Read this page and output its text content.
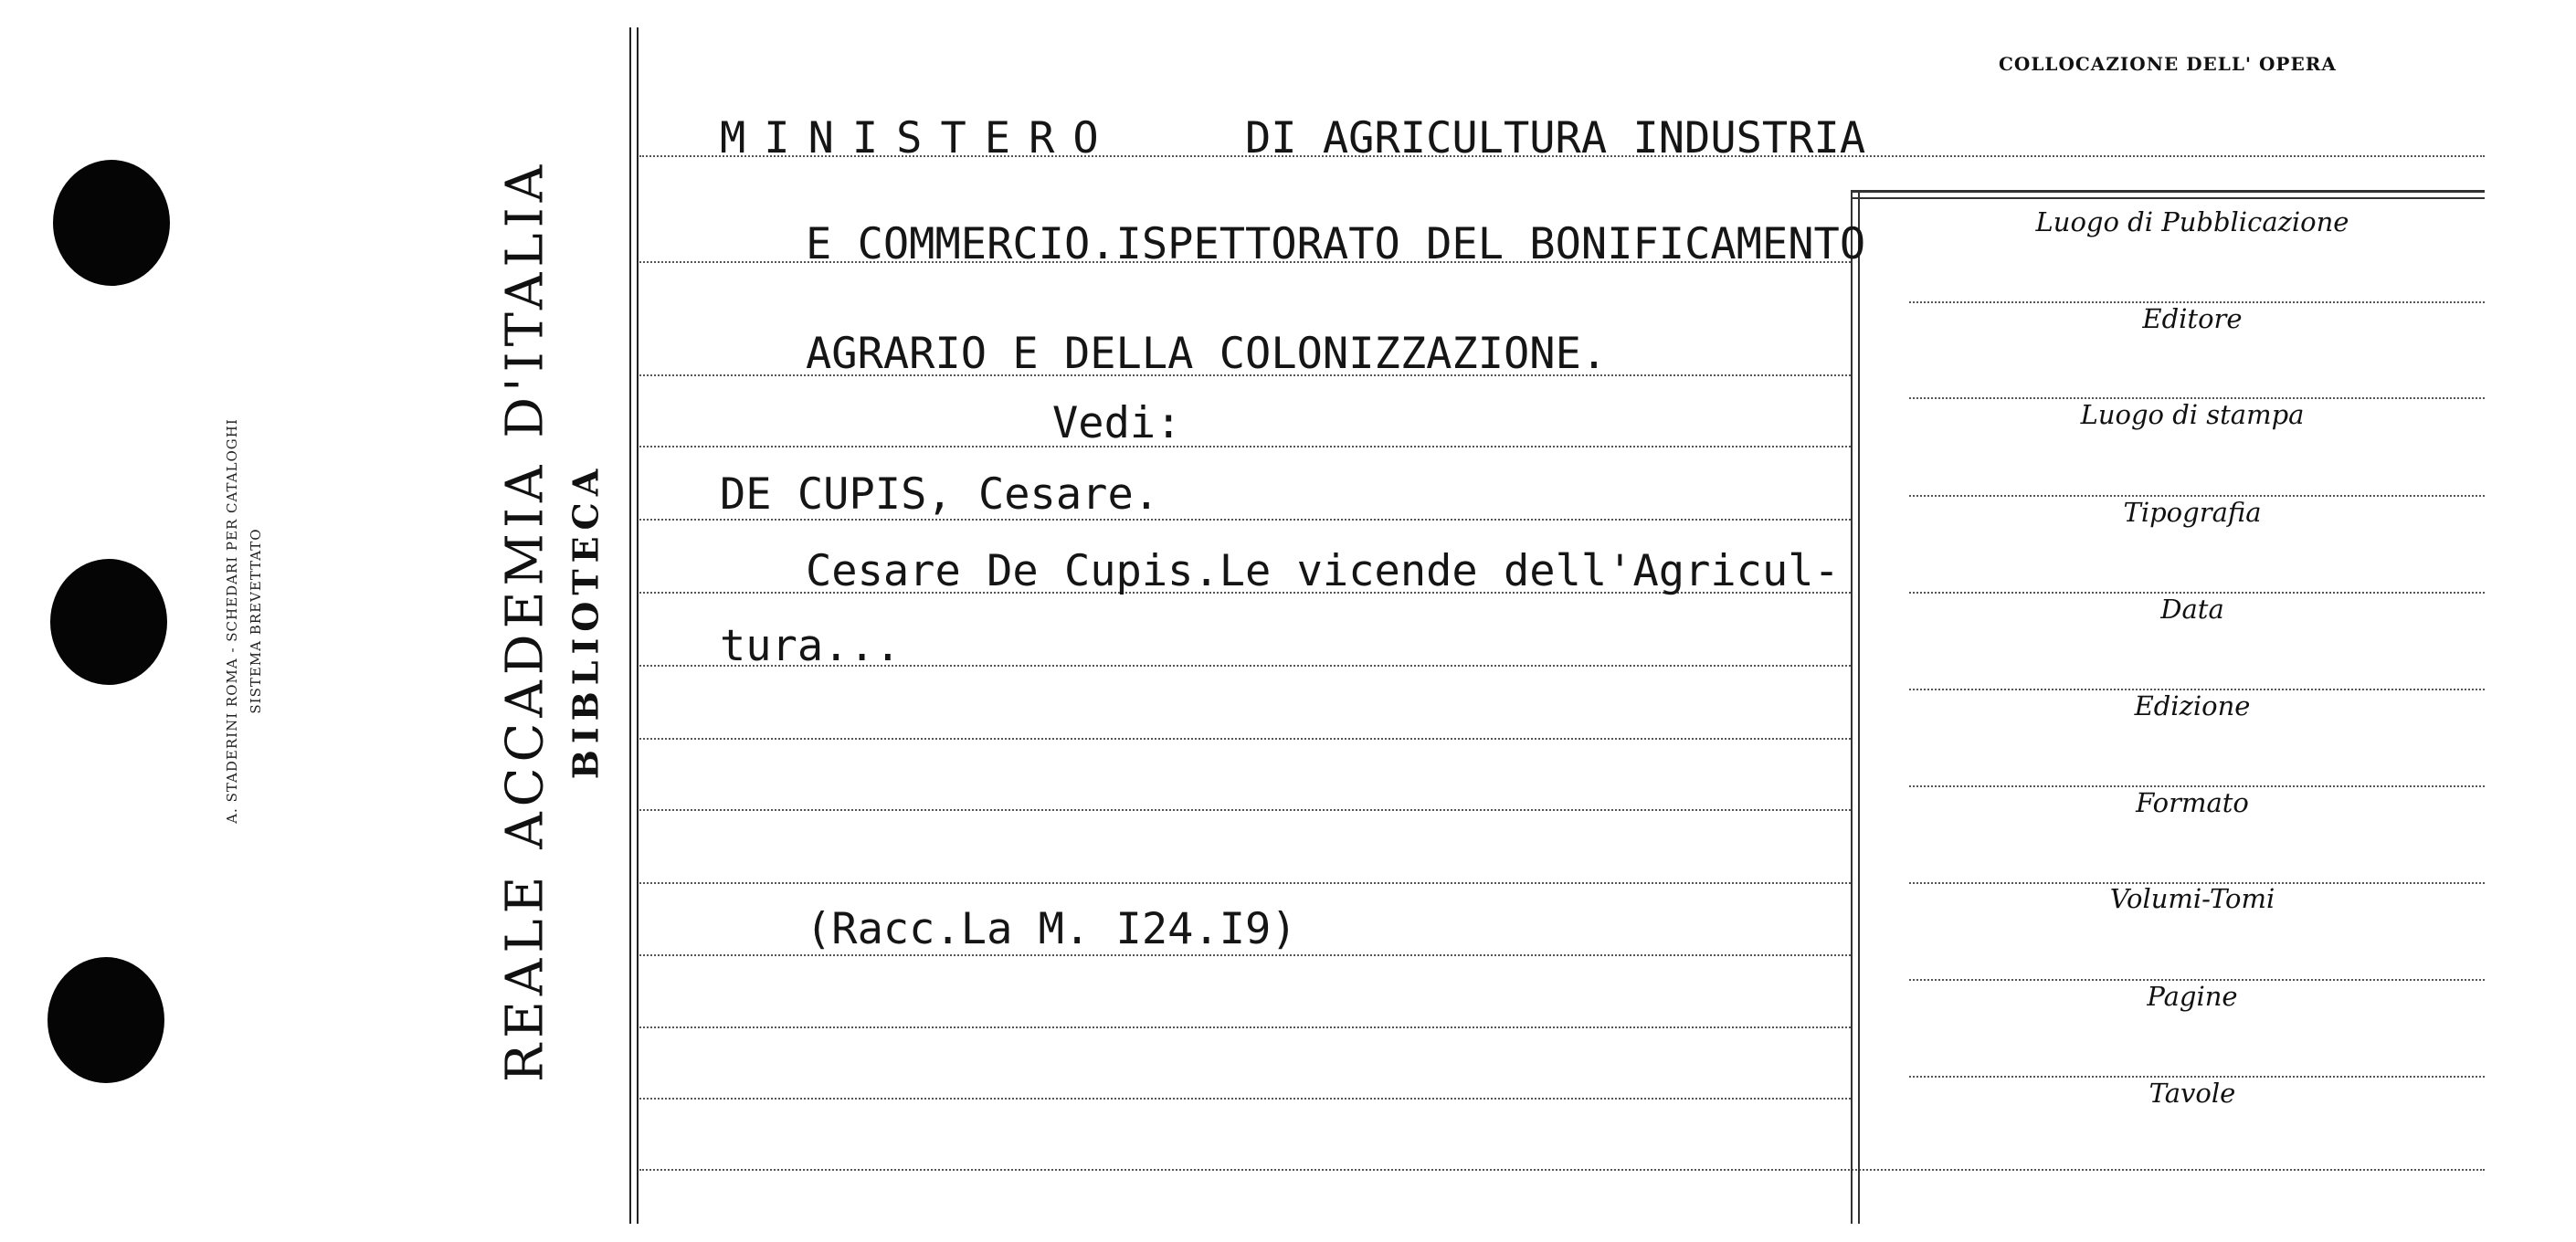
A. STADERINI ROMA - SCHEDARI PER CATALOGHI SISTEMA BREVETTATO	REALE ACCADEMIA D'ITALIA BIBLIOTECA
COLLOCAZIONE DELL' OPERA
Luogo di Pubblicazione
Editore
Luogo di stampa
Tipografia
Data
Edizione
Formato
Volumi-Tomi
Pagine
Tavole
MINISTERO	DI AGRICULTURA INDUSTRIA
E COMMERCIO.ISPETTORATO DEL BONIFICAMENTO
AGRARIO E DELLA COLONIZZAZIONE.
Vedi:
DE CUPIS, Cesare.
Cesare De Cupis.Le vicende dell'Agricul-
tura...
(Racc.La M. I24.I9)
